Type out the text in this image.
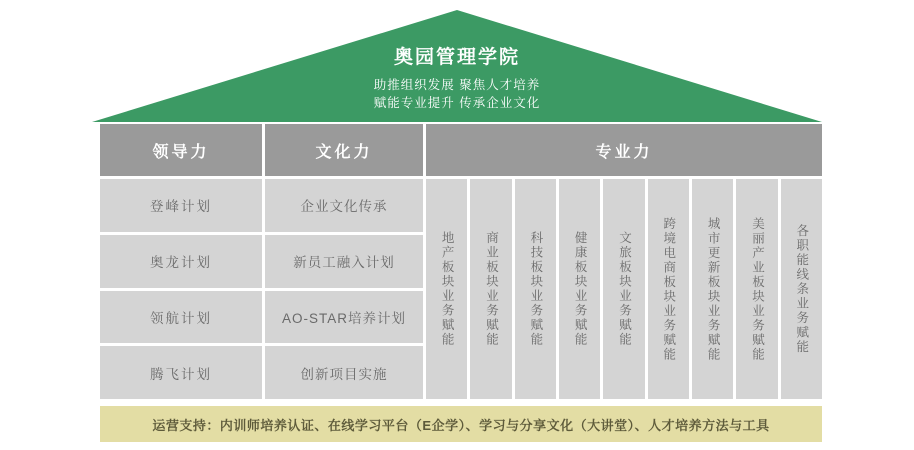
奥园管理学院
助推组织发展 聚焦人才培养
赋能专业提升 传承企业文化
领导力	文化力	专业力
登峰计划
奥龙计划
领航计划
腾飞计划
企业文化传承
新员工融入计划
AO-STAR培养计划
创新项目实施
地产板块业务赋能 商业板块业务赋能 科技板块业务赋能 健康板块业务赋能 文旅板块业务赋能 跨境电商板块业务赋能 城市更新板块业务赋能 美丽产业板块业务赋能 各职能线条业务赋能
运营支持：内训师培养认证、在线学习平台（E企学）、学习与分享文化（大讲堂）、人才培养方法与工具
